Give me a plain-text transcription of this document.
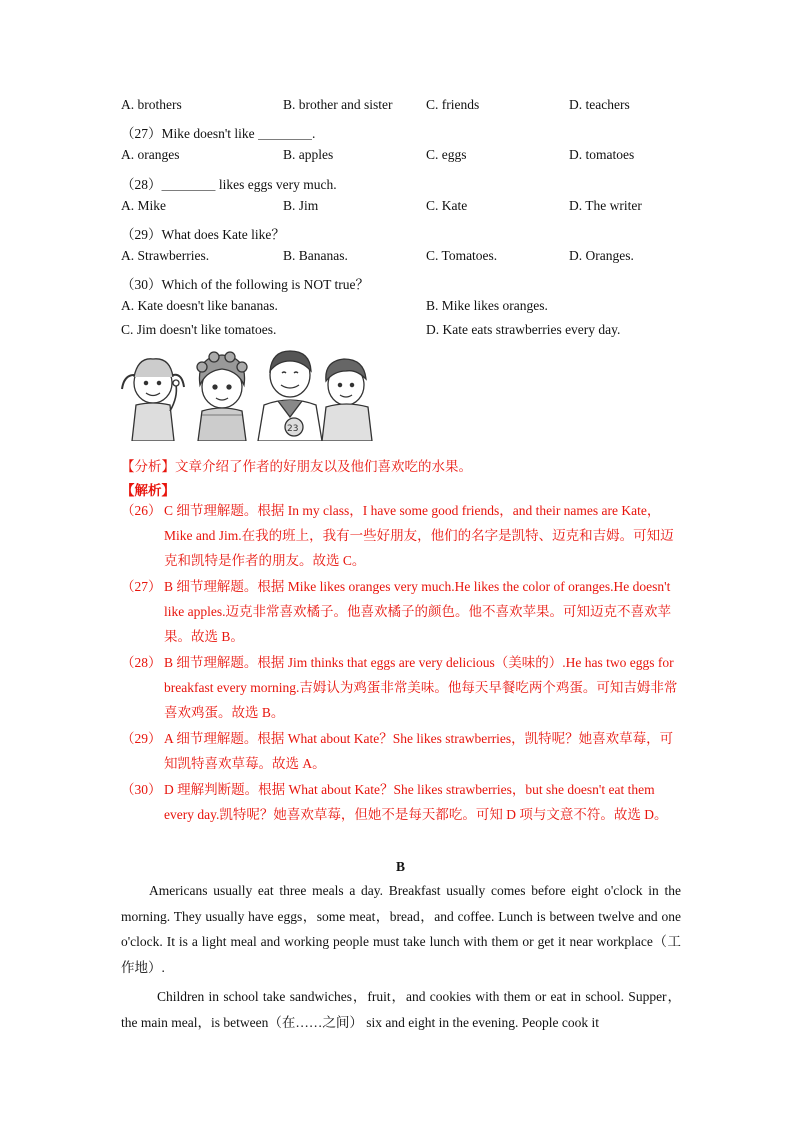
A. brothers	B. brother and sister C. friends	D. teachers
（27）Mike doesn't like ＿＿＿＿.
A. oranges	B. apples	C. eggs	D. tomatoes
（28）＿＿＿＿ likes eggs very much.
A. Mike	B. Jim	C. Kate	D. The writer
（29）What does Kate like？
A. Strawberries.	B. Bananas.	C. Tomatoes.	D. Oranges.
（30）Which of the following is NOT true？
A. Kate doesn't like bananas.	B. Mike likes oranges.
C. Jim doesn't like tomatoes.	D. Kate eats strawberries every day.
23
【分析】文章介绍了作者的好朋友以及他们喜欢吃的水果。
【解析】
（26） C 细节理解题。根据 In my class，I have some good friends，and their names are Kate，Mike and Jim.在我的班上，我有一些好朋友，他们的名字是凯特、迈克和吉姆。可知迈克和凯特是作者的朋友。故选 C。
（27） B 细节理解题。根据 Mike likes oranges very much.He likes the color of oranges.He doesn't like apples.迈克非常喜欢橘子。他喜欢橘子的颜色。他不喜欢苹果。可知迈克不喜欢苹果。故选 B。
（28） B 细节理解题。根据 Jim thinks that eggs are very delicious（美味的）.He has two eggs for breakfast every morning.吉姆认为鸡蛋非常美味。他每天早餐吃两个鸡蛋。可知吉姆非常喜欢鸡蛋。故选 B。
（29） A 细节理解题。根据 What about Kate？She likes strawberries，凯特呢？她喜欢草莓，可知凯特喜欢草莓。故选 A。
（30） D 理解判断题。根据 What about Kate？She likes strawberries，but she doesn't eat them every day.凯特呢？她喜欢草莓，但她不是每天都吃。可知 D 项与文意不符。故选 D。
B

Americans usually eat three meals a day. Breakfast usually comes before eight o'clock in the morning. They usually have eggs，some meat，bread，and coffee. Lunch is between twelve and one o'clock. It is a light meal and working people must take lunch with them or get it near workplace（工作地）.

Children in school take sandwiches，fruit，and cookies with them or eat in school. Supper，the main meal，is between（在……之间） six and eight in the evening. People cook it
